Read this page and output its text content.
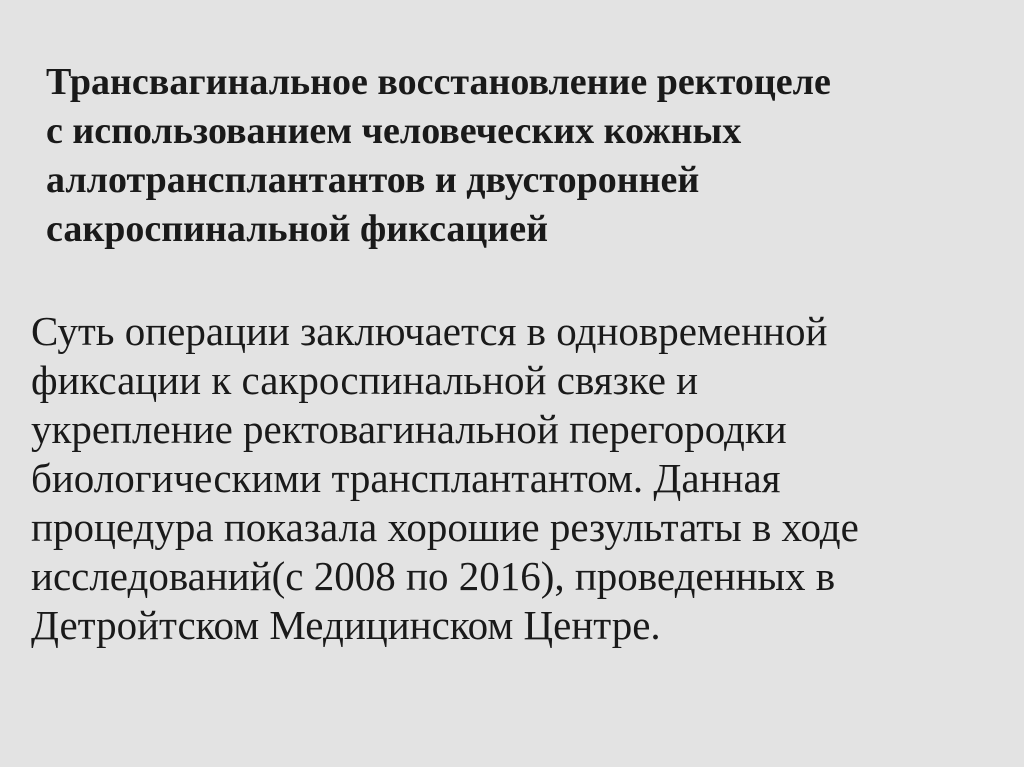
Трансвагинальное восстановление ректоцеле
с использованием человеческих кожных
аллотрансплантантов и двусторонней
сакроспинальной фиксацией
Суть операции заключается в одновременной
фиксации к сакроспинальной связке и
укрепление ректовагинальной перегородки
биологическими трансплантантом. Данная
процедура показала хорошие результаты в ходе
исследований(с 2008 по 2016), проведенных в
Детройтском Медицинском Центре.
